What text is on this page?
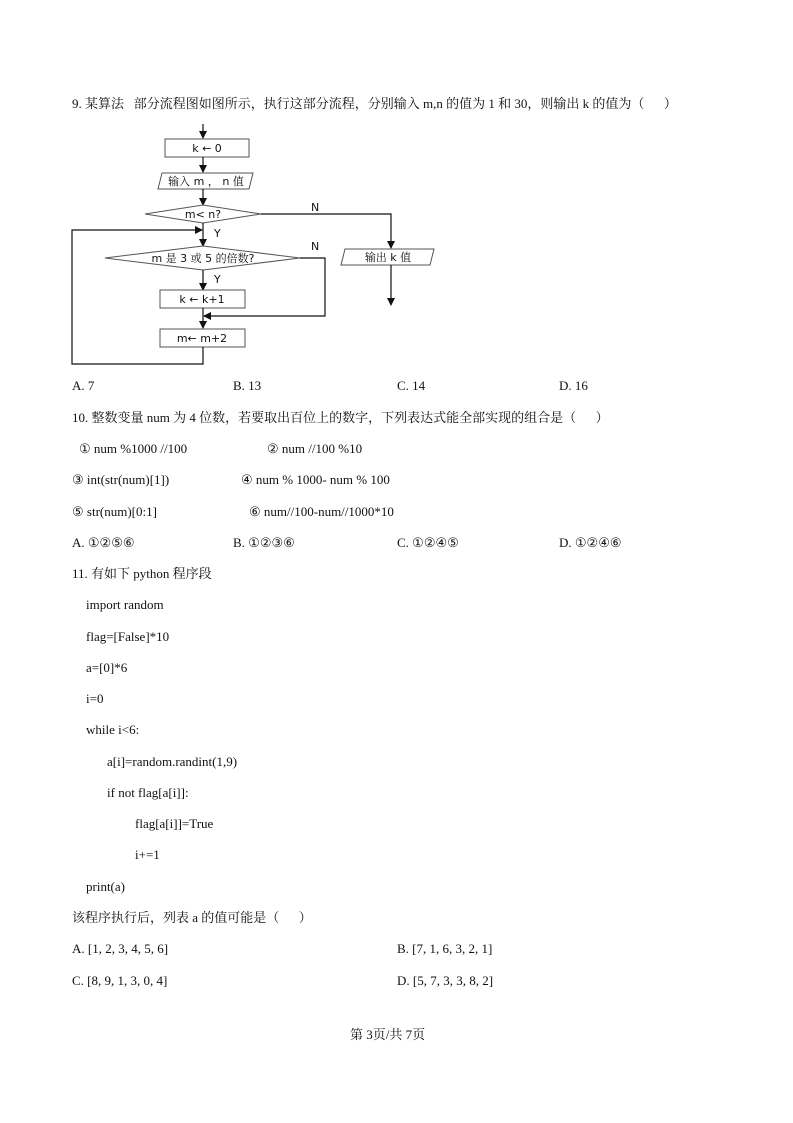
9. 某算法   部分流程图如图所示，执行这部分流程，分别输入 m,n 的值为 1 和 30，则输出 k 的值为（      ）
k ← 0
输入 m ， n 值
m< n?
N
Y
m 是 3 或 5 的倍数?
N
Y
k ← k+1
m← m+2
输出 k 值
A. 7	B. 13	C. 14	D. 16
10. 整数变量 num 为 4 位数，若要取出百位上的数字，下列表达式能全部实现的组合是（      ）
① num %1000 //100	② num //100 %10
③ int(str(num)[1])	④ num % 1000- num % 100
⑤ str(num)[0:1]	⑥ num//100-num//1000*10
A. ①②⑤⑥	B. ①②③⑥	C. ①②④⑤	D. ①②④⑥
11. 有如下 python 程序段
import random
flag=[False]*10
a=[0]*6
i=0
while i<6:
a[i]=random.randint(1,9)
if not flag[a[i]]:
flag[a[i]]=True
i+=1
print(a)
该程序执行后，列表 a 的值可能是（      ）
A. [1, 2, 3, 4, 5, 6]	B. [7, 1, 6, 3, 2, 1]
C. [8, 9, 1, 3, 0, 4]	D. [5, 7, 3, 3, 8, 2]
第 3页/共 7页
